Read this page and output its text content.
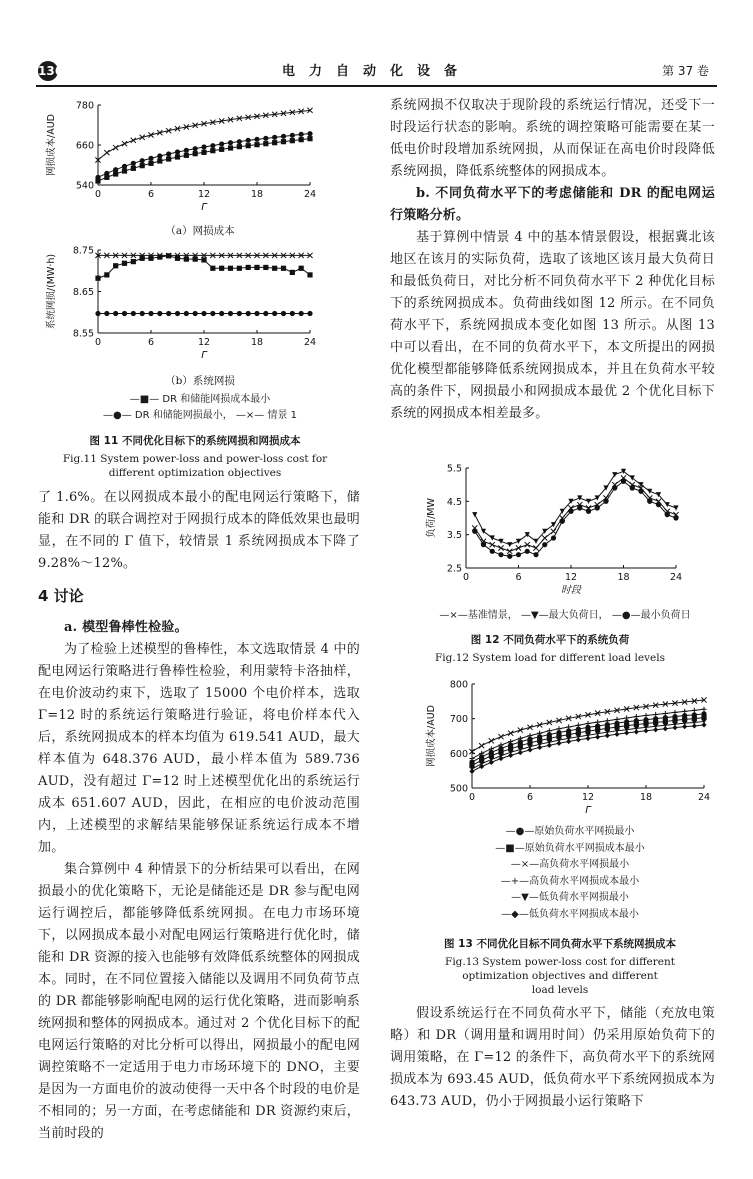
136	电力自动化设备	第 37 卷
0	6	12	18	24
540
660
780
Γ
网损成本/AUD
（a）网损成本
0	6	12	18	24
8.55
8.65
8.75
Γ
系统网损/(MW·h)
（b）系统网损
—■— DR 和储能网损成本最小
—●— DR 和储能网损最小， —×— 情景 1
图 11 不同优化目标下的系统网损和网损成本
Fig.11 System power-loss and power-loss cost for
different optimization objectives
了 1.6%。在以网损成本最小的配电网运行策略下，储能和 DR 的联合调控对于网损行成本的降低效果也最明显，在不同的 Γ 值下，较情景 1 系统网损成本下降了 9.28%～12%。
4 讨论

a. 模型鲁棒性检验。

为了检验上述模型的鲁棒性，本文选取情景 4 中的配电网运行策略进行鲁棒性检验，利用蒙特卡洛抽样，在电价波动约束下，选取了 15000 个电价样本，选取 Γ=12 时的系统运行策略进行验证，将电价样本代入后，系统网损成本的样本均值为 619.541 AUD，最大样本值为 648.376 AUD，最小样本值为 589.736 AUD，没有超过 Γ=12 时上述模型优化出的系统运行成本 651.607 AUD，因此，在相应的电价波动范围内，上述模型的求解结果能够保证系统运行成本不增加。

集合算例中 4 种情景下的分析结果可以看出，在网损最小的优化策略下，无论是储能还是 DR 参与配电网运行调控后，都能够降低系统网损。在电力市场环境下，以网损成本最小对配电网运行策略进行优化时，储能和 DR 资源的接入也能够有效降低系统整体的网损成本。同时，在不同位置接入储能以及调用不同负荷节点的 DR 都能够影响配电网的运行优化策略，进而影响系统网损和整体的网损成本。通过对 2 个优化目标下的配电网运行策略的对比分析可以得出，网损最小的配电网调控策略不一定适用于电力市场环境下的 DNO，主要是因为一方面电价的波动使得一天中各个时段的电价是不相同的；另一方面，在考虑储能和 DR 资源约束后，当前时段的

系统网损不仅取决于现阶段的系统运行情况，还受下一时段运行状态的影响。系统的调控策略可能需要在某一低电价时段增加系统网损，从而保证在高电价时段降低系统网损，降低系统整体的网损成本。

b. 不同负荷水平下的考虑储能和 DR 的配电网运行策略分析。

基于算例中情景 4 中的基本情景假设，根据冀北该地区在该月的实际负荷，选取了该地区该月最大负荷日和最低负荷日，对比分析不同负荷水平下 2 种优化目标下的系统网损成本。负荷曲线如图 12 所示。在不同负荷水平下，系统网损成本变化如图 13 所示。从图 13 中可以看出，在不同的负荷水平下，本文所提出的网损优化模型都能够降低系统网损成本，并且在负荷水平较高的条件下，网损最小和网损成本最优 2 个优化目标下系统的网损成本相差最多。

0	6	12	18	24
2.5
3.5
4.5
5.5
时段
负荷/MW
—×—基准情景， —▼—最大负荷日， —●—最小负荷日
图 12 不同负荷水平下的系统负荷
Fig.12 System load for different load levels
0	6	12	18	24
500
600
700
800
Γ
网损成本/AUD
—●—原始负荷水平网损最小
—■—原始负荷水平网损成本最小
—×—高负荷水平网损最小
—+—高负荷水平网损成本最小
—▼—低负荷水平网损最小
—◆—低负荷水平网损成本最小
图 13 不同优化目标不同负荷水平下系统网损成本
Fig.13 System power-loss cost for different
optimization objectives and different
load levels

假设系统运行在不同负荷水平下，储能（充放电策略）和 DR（调用量和调用时间）仍采用原始负荷下的调用策略，在 Γ=12 的条件下，高负荷水平下的系统网损成本为 693.45 AUD，低负荷水平下系统网损成本为 643.73 AUD，仍小于网损最小运行策略下
